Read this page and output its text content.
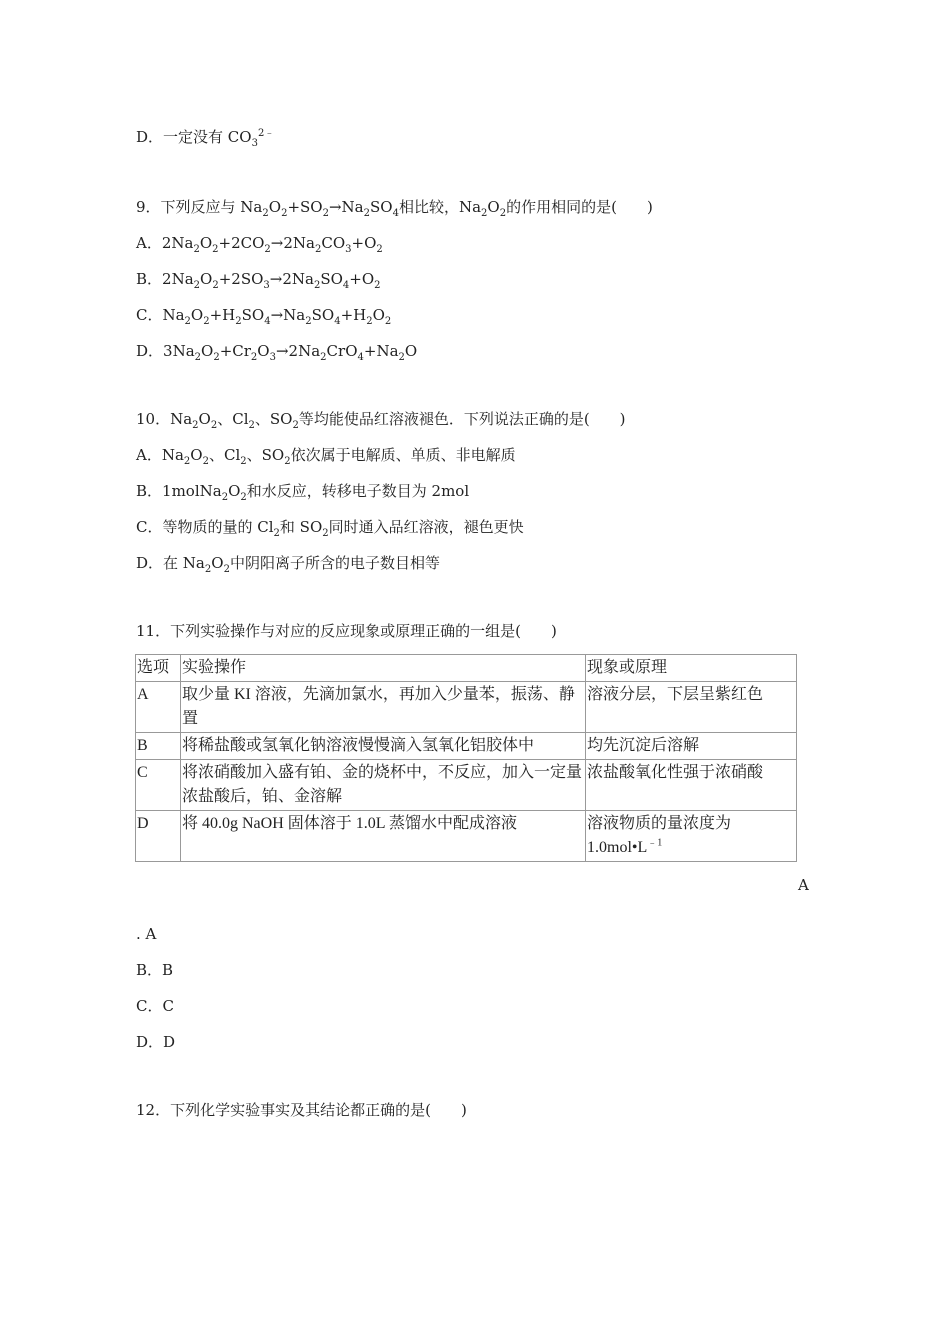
D．一定没有 $CO_3^{2﹣}$
9．下列反应与 $Na_2O_2+SO_2\to Na_2SO_4$相比较，$Na_2O_2$的作用相同的是(　　)
A．$2Na_2O_2+2CO_2\to 2Na_2CO_3+O_2$
B．$2Na_2O_2+2SO_3\to 2Na_2SO_4+O_2$
C．$Na_2O_2+H_2SO_4\to Na_2SO_4+H_2O_2$
D．$3Na_2O_2+Cr_2O_3\to 2Na_2CrO_4+Na_2O$
10．$Na_2O_2$、$Cl_2$、$SO_2$等均能使品红溶液褪色．下列说法正确的是(　　)
A．$Na_2O_2$、$Cl_2$、$SO_2$依次属于电解质、单质、非电解质
B．$1molNa_2O_2$和水反应，转移电子数目为 2mol
C．等物质的量的 $Cl_2$和 $SO_2$同时通入品红溶液，褪色更快
D．在 $Na_2O_2$中阴阳离子所含的电子数目相等
11．下列实验操作与对应的反应现象或原理正确的一组是(　　)
选项	实验操作	现象或原理
A	取少量 KI 溶液，先滴加氯水，再加入少量苯，振荡、静置	溶液分层，下层呈紫红色
B	将稀盐酸或氢氧化钠溶液慢慢滴入氢氧化铝胶体中	均先沉淀后溶解
C	将浓硝酸加入盛有铂、金的烧杯中，不反应，加入一定量浓盐酸后，铂、金溶解	浓盐酸氧化性强于浓硝酸
D	将 40.0g NaOH 固体溶于 1.0L 蒸馏水中配成溶液	溶液物质的量浓度为
$1.0mol•L^{﹣1}$
A
. A
B．B
C．C
D．D
12．下列化学实验事实及其结论都正确的是(　　)
